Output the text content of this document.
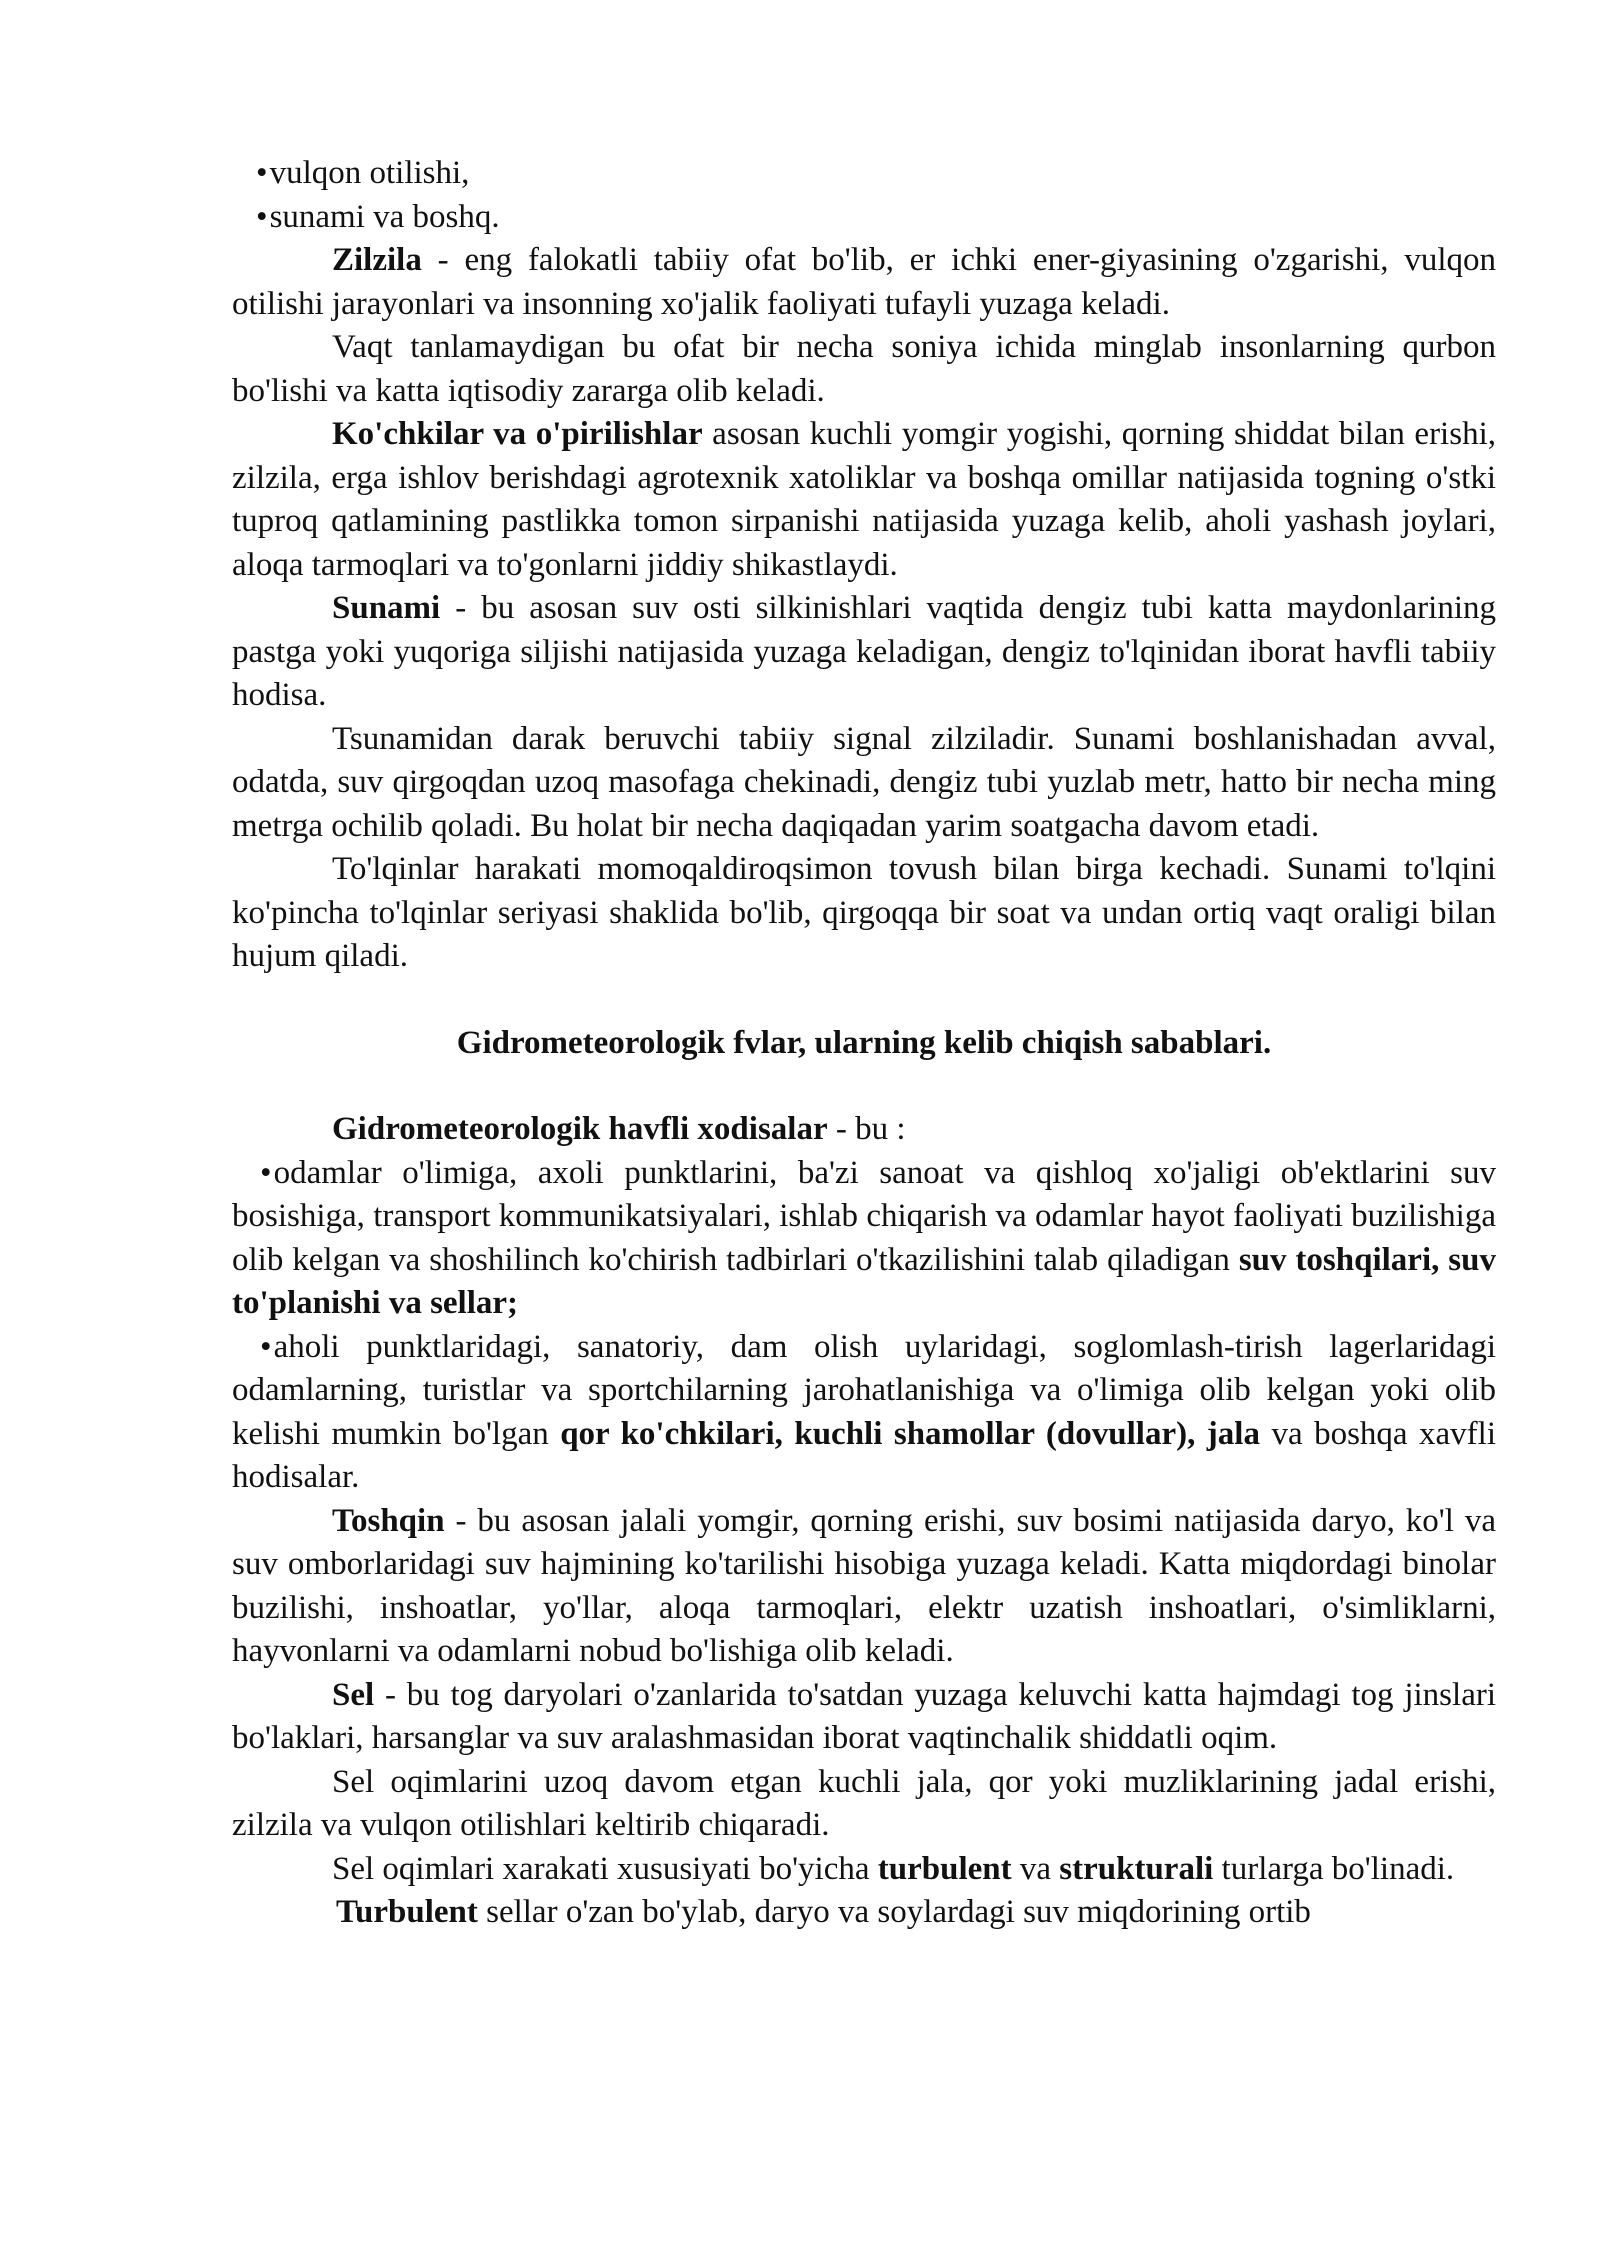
• vulqon otilishi,

• sunami va boshq.

Zilzila - eng falokatli tabiiy ofat bo'lib, er ichki ener-giyasining o'zgarishi, vulqon otilishi jarayonlari va insonning xo'jalik faoliyati tufayli yuzaga keladi.

Vaqt tanlamaydigan bu ofat bir necha soniya ichida minglab insonlarning qurbon bo'lishi va katta iqtisodiy zararga olib keladi.

Ko'chkilar va o'pirilishlar asosan kuchli yomgir yogishi, qorning shiddat bilan erishi, zilzila, erga ishlov berishdagi agrotexnik xatoliklar va boshqa omillar natijasida togning o'stki tuproq qatlamining pastlikka tomon sirpanishi natijasida yuzaga kelib, aholi yashash joylari, aloqa tarmoqlari va to'gonlarni jiddiy shikastlaydi.

Sunami - bu asosan suv osti silkinishlari vaqtida dengiz tubi katta maydonlarining pastga yoki yuqoriga siljishi natijasida yuzaga keladigan, dengiz to'lqinidan iborat havfli tabiiy hodisa.

Tsunamidan darak beruvchi tabiiy signal zilziladir. Sunami boshlanishadan avval, odatda, suv qirgoqdan uzoq masofaga chekinadi, dengiz tubi yuzlab metr, hatto bir necha ming metrga ochilib qoladi. Bu holat bir necha daqiqadan yarim soatgacha davom etadi.

To'lqinlar harakati momoqaldiroqsimon tovush bilan birga kechadi. Sunami to'lqini ko'pincha to'lqinlar seriyasi shaklida bo'lib, qirgoqqa bir soat va undan ortiq vaqt oraligi bilan hujum qiladi.

Gidrometeorologik fvlar, ularning kelib chiqish sabablari.

Gidrometeorologik havfli xodisalar - bu :

•odamlar o'limiga, axoli punktlarini, ba'zi sanoat va qishloq xo'jaligi ob'ektlarini suv bosishiga, transport kommunikatsiyalari, ishlab chiqarish va odamlar hayot faoliyati buzilishiga olib kelgan va shoshilinch ko'chirish tadbirlari o'tkazilishini talab qiladigan suv toshqilari, suv to'planishi va sellar;

•aholi punktlaridagi, sanatoriy, dam olish uylaridagi, soglomlash-tirish lagerlaridagi odamlarning, turistlar va sportchilarning jarohatlanishiga va o'limiga olib kelgan yoki olib kelishi mumkin bo'lgan qor ko'chkilari, kuchli shamollar (dovullar), jala va boshqa xavfli hodisalar.

Toshqin - bu asosan jalali yomgir, qorning erishi, suv bosimi natijasida daryo, ko'l va suv omborlaridagi suv hajmining ko'tarilishi hisobiga yuzaga keladi. Katta miqdordagi binolar buzilishi, inshoatlar, yo'llar, aloqa tarmoqlari, elektr uzatish inshoatlari, o'simliklarni, hayvonlarni va odamlarni nobud bo'lishiga olib keladi.

Sel - bu tog daryolari o'zanlarida to'satdan yuzaga keluvchi katta hajmdagi tog jinslari bo'laklari, harsanglar va suv aralashmasidan iborat vaqtinchalik shiddatli oqim.

Sel oqimlarini uzoq davom etgan kuchli jala, qor yoki muzliklarining jadal erishi, zilzila va vulqon otilishlari keltirib chiqaradi.

Sel oqimlari xarakati xususiyati bo'yicha turbulent va strukturali turlarga bo'linadi.

Turbulent sellar o'zan bo'ylab, daryo va soylardagi suv miqdorining ortib
